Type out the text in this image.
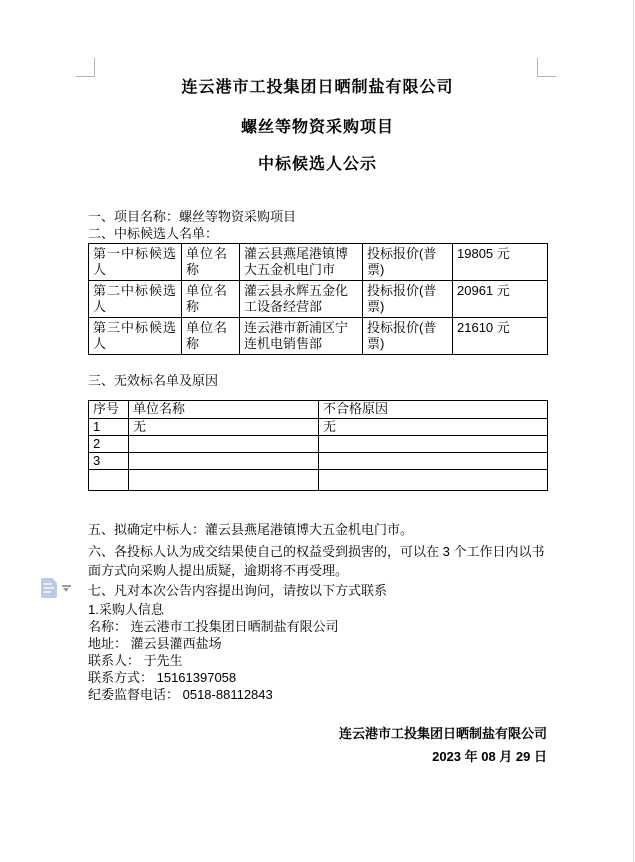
连云港市工投集团日晒制盐有限公司
螺丝等物资采购项目
中标候选人公示
一、项目名称：螺丝等物资采购项目
二、中标候选人名单：
第一中标候选人	单位名称	灌云县燕尾港镇博大五金机电门市	投标报价(普票)	19805 元
第二中标候选人	单位名称	灌云县永辉五金化工设备经营部	投标报价(普票)	20961 元
第三中标候选人	单位名称	连云港市新浦区宁连机电销售部	投标报价(普票)	21610 元
三、无效标名单及原因
序号	单位名称	不合格原因
1	无	无
2		
3		

五、拟确定中标人：灌云县燕尾港镇博大五金机电门市。
六、各投标人认为成交结果使自己的权益受到损害的，可以在 3 个工作日内以书面方式向采购人提出质疑，逾期将不再受理。
七、凡对本次公告内容提出询问，请按以下方式联系
1.采购人信息
名称： 连云港市工投集团日晒制盐有限公司
地址： 灌云县灌西盐场
联系人： 于先生
联系方式： 15161397058
纪委监督电话： 0518-88112843
连云港市工投集团日晒制盐有限公司
2023 年 08 月 29 日
